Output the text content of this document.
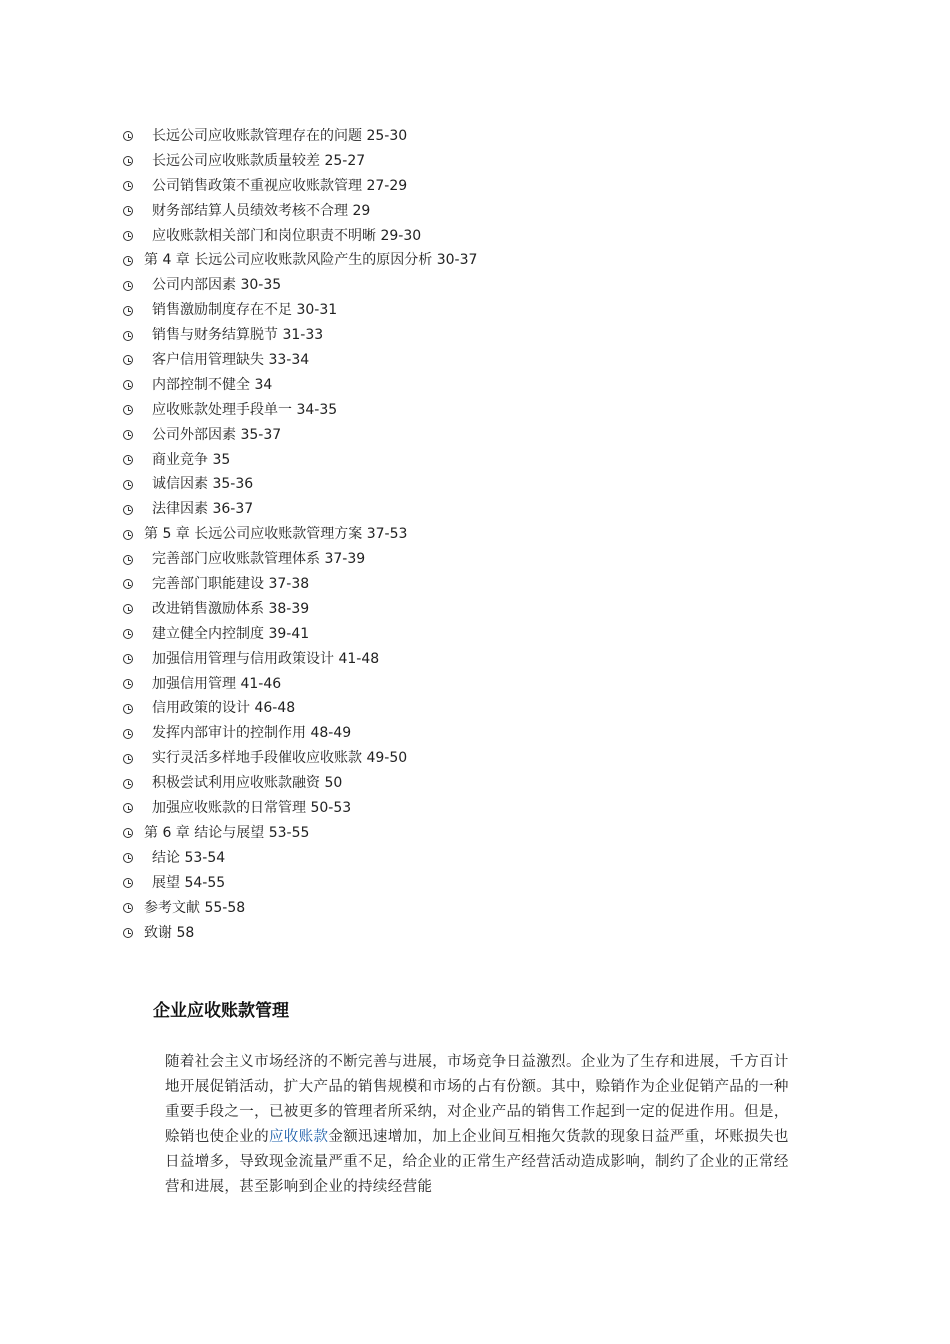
长远公司应收账款管理存在的问题 25-30
长远公司应收账款质量较差 25-27
公司销售政策不重视应收账款管理 27-29
财务部结算人员绩效考核不合理 29
应收账款相关部门和岗位职责不明晰 29-30
第 4 章 长远公司应收账款风险产生的原因分析 30-37
公司内部因素 30-35
销售激励制度存在不足 30-31
销售与财务结算脱节 31-33
客户信用管理缺失 33-34
内部控制不健全 34
应收账款处理手段单一 34-35
公司外部因素 35-37
商业竞争 35
诚信因素 35-36
法律因素 36-37
第 5 章 长远公司应收账款管理方案 37-53
完善部门应收账款管理体系 37-39
完善部门职能建设 37-38
改进销售激励体系 38-39
建立健全内控制度 39-41
加强信用管理与信用政策设计 41-48
加强信用管理 41-46
信用政策的设计 46-48
发挥内部审计的控制作用 48-49
实行灵活多样地手段催收应收账款 49-50
积极尝试利用应收账款融资 50
加强应收账款的日常管理 50-53
第 6 章 结论与展望 53-55
结论 53-54
展望 54-55
参考文献 55-58
致谢 58
企业应收账款管理

随着社会主义市场经济的不断完善与进展，市场竞争日益激烈。企业为了生存和进展，千方百计地开展促销活动，扩大产品的销售规模和市场的占有份额。其中，赊销作为企业促销产品的一种重要手段之一，已被更多的管理者所采纳，对企业产品的销售工作起到一定的促进作用。但是，赊销也使企业的应收账款金额迅速增加，加上企业间互相拖欠货款的现象日益严重，坏账损失也日益增多，导致现金流量严重不足，给企业的正常生产经营活动造成影响，制约了企业的正常经营和进展，甚至影响到企业的持续经营能
